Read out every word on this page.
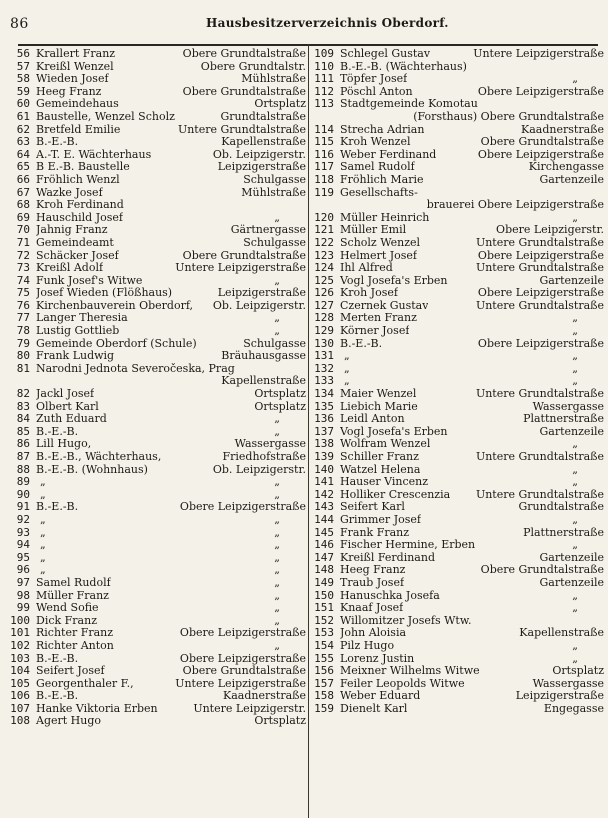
86	Hausbesitzerverzeichnis Oberdorf.
56 Krallert Franz	Obere Grundtalstraße
57 Kreißl Wenzel	Obere Grundtalstr.
58 Wieden Josef	Mühlstraße
59 Heeg Franz	Obere Grundtalstraße
60 Gemeindehaus	Ortsplatz
61 Baustelle, Wenzel Scholz	Grundtalstraße
62 Bretfeld Emilie	Untere Grundtalstraße
63 B.-E.-B.	Kapellenstraße
64 A.-T. E. Wächterhaus	Ob. Leipzigerstr.
65 B E.-B. Baustelle	Leipzigerstraße
66 Fröhlich Wenzl	Schulgasse
67 Wazke Josef	Mühlstraße
68 Kroh Ferdinand
69 Hauschild Josef	„
70 Jahnig Franz	Gärtnergasse
71 Gemeindeamt	Schulgasse
72 Schäcker Josef	Obere Grundtalstraße
73 Kreißl Adolf	Untere Leipzigerstraße
74 Funk Josef's Witwe	„
75 Josef Wieden (Flößhaus)	Leipzigerstraße
76 Kirchenbauverein Oberdorf,	Ob. Leipzigerstr.
77 Langer Theresia	„
78 Lustig Gottlieb	„
79 Gemeinde Oberdorf (Schule)	Schulgasse
80 Frank Ludwig	Bräuhausgasse
81 Narodni Jednota Severočeska, Prag
Kapellenstraße
82 Jackl Josef	Ortsplatz
83 Olbert Karl	Ortsplatz
84 Zuth Eduard	„
85 B.-E.-B.	„
86 Lill Hugo,	Wassergasse
87 B.-E.-B., Wächterhaus,	Friedhofstraße
88 B.-E.-B. (Wohnhaus)	Ob. Leipzigerstr.
89 „	„
90 „	„
91 B.-E.-B.	Obere Leipzigerstraße
92 „	„
93 „	„
94 „	„
95 „	„
96 „	„
97 Samel Rudolf	„
98 Müller Franz	„
99 Wend Sofie	„
100 Dick Franz	„
101 Richter Franz	Obere Leipzigerstraße
102 Richter Anton	„
103 B.-E.-B.	Obere Leipzigerstraße
104 Seifert Josef	Obere Grundtalstraße
105 Georgenthaler F.,	Untere Leipzigerstraße
106 B.-E.-B.	Kaadnerstraße
107 Hanke Viktoria Erben	Untere Leipzigerstr.
108 Agert Hugo	Ortsplatz
109 Schlegel Gustav	Untere Leipzigerstraße
110 B.-E.-B. (Wächterhaus)
111 Töpfer Josef	„
112 Pöschl Anton	Obere Leipzigerstraße
113 Stadtgemeinde Komotau
(Forsthaus) Obere Grundtalstraße
114 Strecha Adrian	Kaadnerstraße
115 Kroh Wenzel	Obere Grundtalstraße
116 Weber Ferdinand	Obere Leipzigerstraße
117 Samel Rudolf	Kirchengasse
118 Fröhlich Marie	Gartenzeile
119 Gesellschafts-
brauerei Obere Leipzigerstraße
120 Müller Heinrich	„
121 Müller Emil	Obere Leipzigerstr.
122 Scholz Wenzel	Untere Grundtalstraße
123 Helmert Josef	Obere Leipzigerstraße
124 Ihl Alfred	Untere Grundtalstraße
125 Vogl Josefa's Erben	Gartenzeile
126 Kroh Josef	Obere Leipzigerstraße
127 Czernek Gustav	Untere Grundtalstraße
128 Merten Franz	„
129 Körner Josef	„
130 B.-E.-B.	Obere Leipzigerstraße
131 „	„
132 „	„
133 „	„
134 Maier Wenzel	Untere Grundtalstraße
135 Liebich Marie	Wassergasse
136 Leidl Anton	Plattnerstraße
137 Vogl Josefa's Erben	Gartenzeile
138 Wolfram Wenzel	„
139 Schiller Franz	Untere Grundtalstraße
140 Watzel Helena	„
141 Hauser Vincenz	„
142 Holliker Crescenzia	Untere Grundtalstraße
143 Seifert Karl	Grundtalstraße
144 Grimmer Josef	„
145 Frank Franz	Plattnerstraße
146 Fischer Hermine, Erben	„
147 Kreißl Ferdinand	Gartenzeile
148 Heeg Franz	Obere Grundtalstraße
149 Traub Josef	Gartenzeile
150 Hanuschka Josefa	„
151 Knaaf Josef	„
152 Willomitzer Josefs Wtw.
153 John Aloisia	Kapellenstraße
154 Pilz Hugo	„
155 Lorenz Justin	„
156 Meixner Wilhelms Witwe	Ortsplatz
157 Feiler Leopolds Witwe	Wassergasse
158 Weber Eduard	Leipzigerstraße
159 Dienelt Karl	Engegasse
